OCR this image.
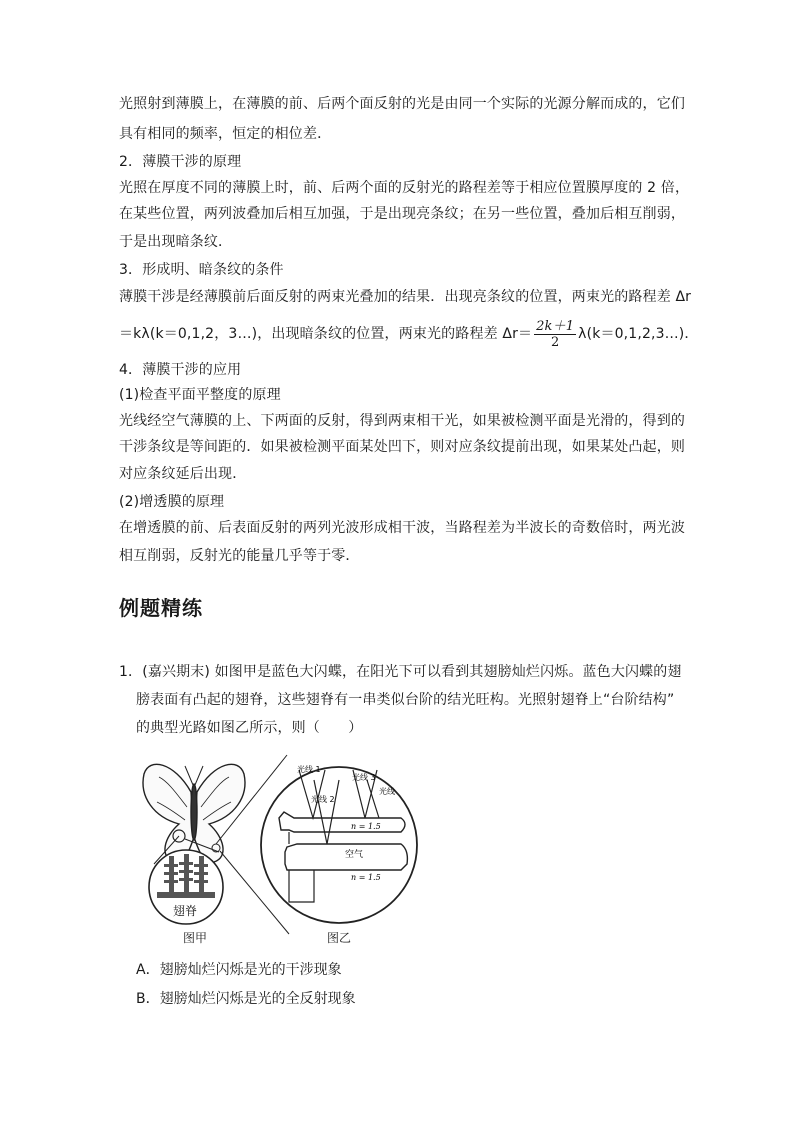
光照射到薄膜上，在薄膜的前、后两个面反射的光是由同一个实际的光源分解而成的，它们
具有相同的频率，恒定的相位差．
2．薄膜干涉的原理
光照在厚度不同的薄膜上时，前、后两个面的反射光的路程差等于相应位置膜厚度的 2 倍，
在某些位置，两列波叠加后相互加强，于是出现亮条纹；在另一些位置，叠加后相互削弱，
于是出现暗条纹．
3．形成明、暗条纹的条件
薄膜干涉是经薄膜前后面反射的两束光叠加的结果．出现亮条纹的位置，两束光的路程差 Δr
＝kλ(k＝0,1,2，3…)，出现暗条纹的位置，两束光的路程差 $\Delta r= \frac{2k+1}{2}$ λ(k＝0,1,2,3…)．
4．薄膜干涉的应用
(1)检查平面平整度的原理
光线经空气薄膜的上、下两面的反射，得到两束相干光，如果被检测平面是光滑的，得到的
干涉条纹是等间距的．如果被检测平面某处凹下，则对应条纹提前出现，如果某处凸起，则
对应条纹延后出现．
(2)增透膜的原理
在增透膜的前、后表面反射的两列光波形成相干波，当路程差为半波长的奇数倍时，两光波
相互削弱，反射光的能量几乎等于零．
例题精练
1．(嘉兴期末) 如图甲是蓝色大闪蝶，在阳光下可以看到其翅膀灿烂闪烁。蓝色大闪蝶的翅
膀表面有凸起的翅脊，这些翅脊有一串类似台阶的结光旺构。光照射翅脊上“台阶结构”
的典型光路如图乙所示，则（　　）
翅脊
图甲
光线 1
光线 2
光线 3
光线
n = 1.5
空气
n = 1.5
图乙
A．翅膀灿烂闪烁是光的干涉现象
B．翅膀灿烂闪烁是光的全反射现象
